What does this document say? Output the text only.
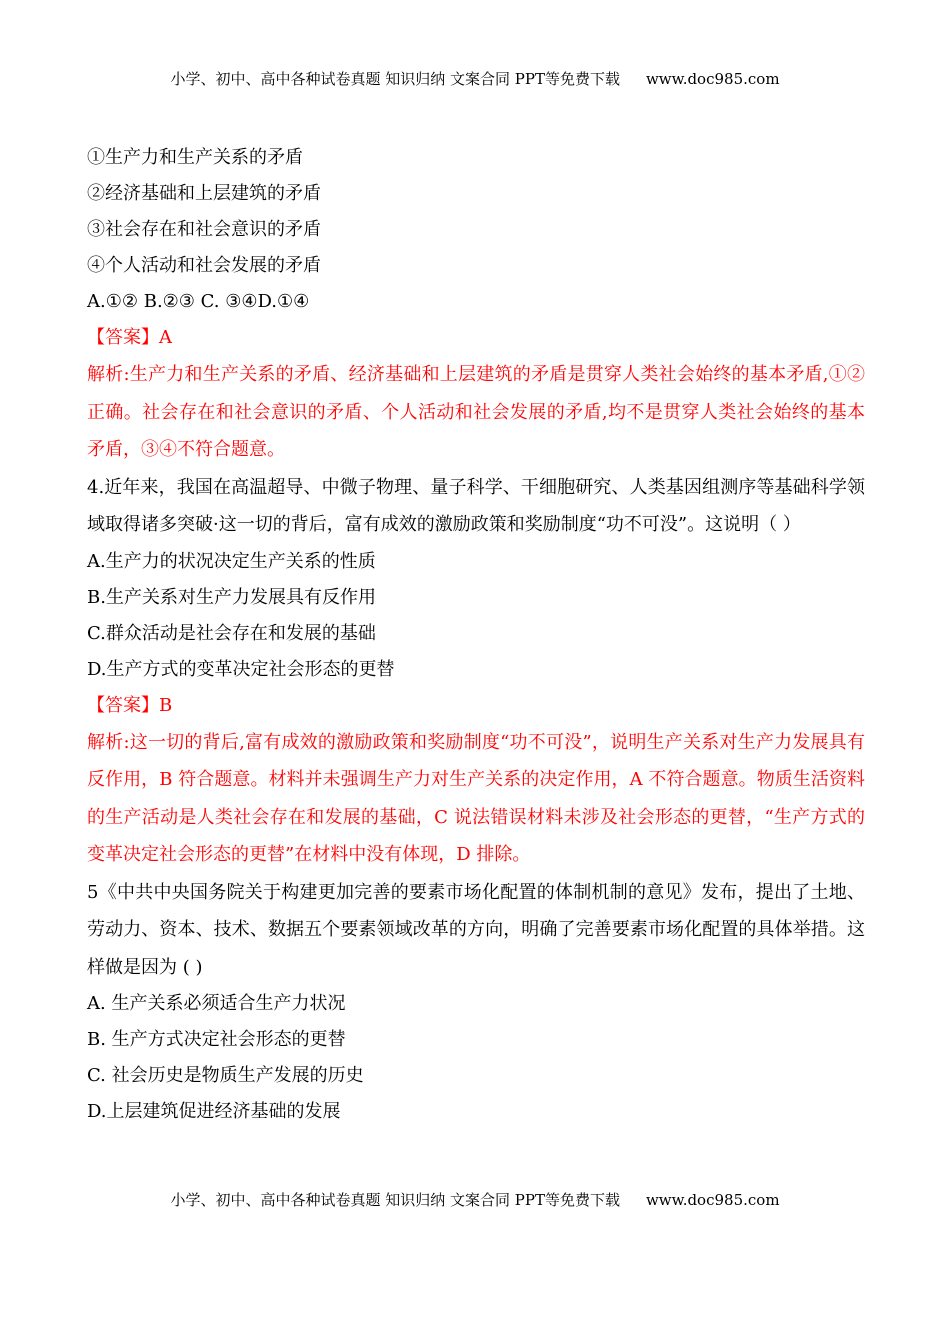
小学、初中、高中各种试卷真题 知识归纳 文案合同 PPT等免费下载 www.doc985.com
①生产力和生产关系的矛盾
②经济基础和上层建筑的矛盾
③社会存在和社会意识的矛盾
④个人活动和社会发展的矛盾
A.①② B.②③ C. ③④D.①④
【答案】A
解析:生产力和生产关系的矛盾、经济基础和上层建筑的矛盾是贯穿人类社会始终的基本矛盾,①② 正确。社会存在和社会意识的矛盾、个人活动和社会发展的矛盾,均不是贯穿人类社会始终的基本矛盾，③④不符合题意。
4.近年来，我国在高温超导、中微子物理、量子科学、干细胞研究、人类基因组测序等基础科学领域取得诸多突破·这一切的背后，富有成效的激励政策和奖励制度“功不可没”。这说明（ ）
A.生产力的状况决定生产关系的性质
B.生产关系对生产力发展具有反作用
C.群众活动是社会存在和发展的基础
D.生产方式的变革决定社会形态的更替
【答案】B
解析:这一切的背后,富有成效的激励政策和奖励制度“功不可没”，说明生产关系对生产力发展具有反作用，B 符合题意。材料并未强调生产力对生产关系的决定作用，A 不符合题意。物质生活资料的生产活动是人类社会存在和发展的基础，C 说法错误材料未涉及社会形态的更替，“生产方式的变革决定社会形态的更替”在材料中没有体现，D 排除。
5《中共中央国务院关于构建更加完善的要素市场化配置的体制机制的意见》发布，提出了土地、劳动力、资本、技术、数据五个要素领域改革的方向，明确了完善要素市场化配置的具体举措。这样做是因为 ( )
A. 生产关系必须适合生产力状况
B. 生产方式决定社会形态的更替
C. 社会历史是物质生产发展的历史
D.上层建筑促进经济基础的发展
小学、初中、高中各种试卷真题 知识归纳 文案合同 PPT等免费下载 www.doc985.com
